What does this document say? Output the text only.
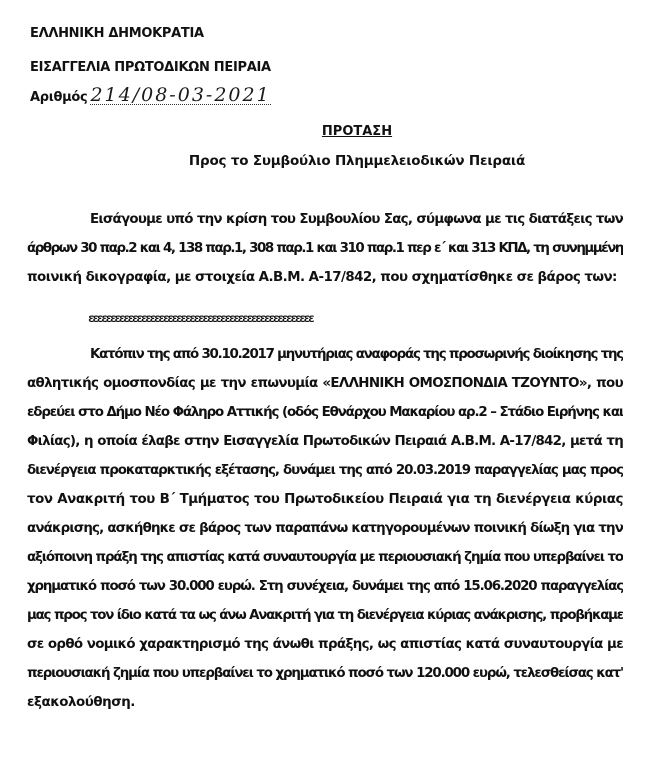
ΕΛΛΗΝΙΚΗ ΔΗΜΟΚΡΑΤΙΑ
ΕΙΣΑΓΓΕΛΙΑ ΠΡΩΤΟΔΙΚΩΝ ΠΕΙΡΑΙΑ
Αριθμός 214/08-03-2021
ΠΡΟΤΑΣΗ
Προς το Συμβούλιο Πλημμελειοδικών Πειραιά
Εισάγουμε υπό την κρίση του Συμβουλίου Σας, σύμφωνα με τις διατάξεις των
άρθρων 30 παρ.2 και 4, 138 παρ.1, 308 παρ.1 και 310 παρ.1 περ ε΄ και 313 ΚΠΔ, τη συνημμένη
ποινική δικογραφία, με στοιχεία Α.Β.Μ. Α-17/842, που σχηματίσθηκε σε βάρος των:
εεεεεεεεεεεεεεεεεεεεεεεεεεεεεεεεεεεεεεεεεεεεεεεεεεε
Κατόπιν της από 30.10.2017 μηνυτήριας αναφοράς της προσωρινής διοίκησης της
αθλητικής ομοσπονδίας με την επωνυμία «ΕΛΛΗΝΙΚΗ ΟΜΟΣΠΟΝΔΙΑ ΤΖΟΥΝΤΟ», που
εδρεύει στο Δήμο Νέο Φάληρο Αττικής (οδός Εθνάρχου Μακαρίου αρ.2 – Στάδιο Ειρήνης και
Φιλίας), η οποία έλαβε στην Εισαγγελία Πρωτοδικών Πειραιά Α.Β.Μ. Α-17/842, μετά τη
διενέργεια προκαταρκτικής εξέτασης, δυνάμει της από 20.03.2019 παραγγελίας μας προς
τον Ανακριτή του Β΄ Τμήματος του Πρωτοδικείου Πειραιά για τη διενέργεια κύριας
ανάκρισης, ασκήθηκε σε βάρος των παραπάνω κατηγορουμένων ποινική δίωξη για την
αξιόποινη πράξη της απιστίας κατά συναυτουργία με περιουσιακή ζημία που υπερβαίνει το
χρηματικό ποσό των 30.000 ευρώ. Στη συνέχεια, δυνάμει της από 15.06.2020 παραγγελίας
μας προς τον ίδιο κατά τα ως άνω Ανακριτή για τη διενέργεια κύριας ανάκρισης, προβήκαμε
σε ορθό νομικό χαρακτηρισμό της άνωθι πράξης, ως απιστίας κατά συναυτουργία με
περιουσιακή ζημία που υπερβαίνει το χρηματικό ποσό των 120.000 ευρώ, τελεσθείσας κατ'
εξακολούθηση.
